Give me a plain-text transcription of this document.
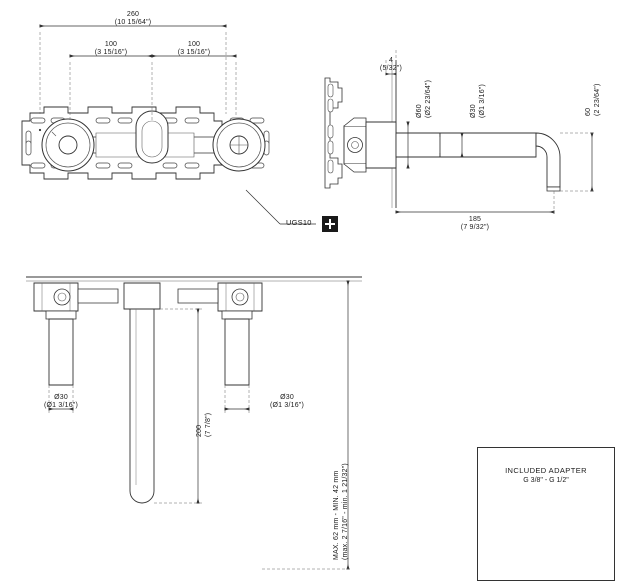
260
(10 15/64")
100
(3 15/16")
100
(3 15/16")
UGS10
4
(5/32")
Ø60 (Ø2 23/64")	Ø30 (Ø1 3/16")	60 (2 23/64")
185
(7 9/32")
Ø30
(Ø1 3/16")
Ø30
(Ø1 3/16")
200 (7 7/8")
MAX. 62 mm - MIN. 42 mm (max. 2 7/16" - min. 1 21/32")	INCLUDED ADAPTER
G 3/8" - G 1/2"
